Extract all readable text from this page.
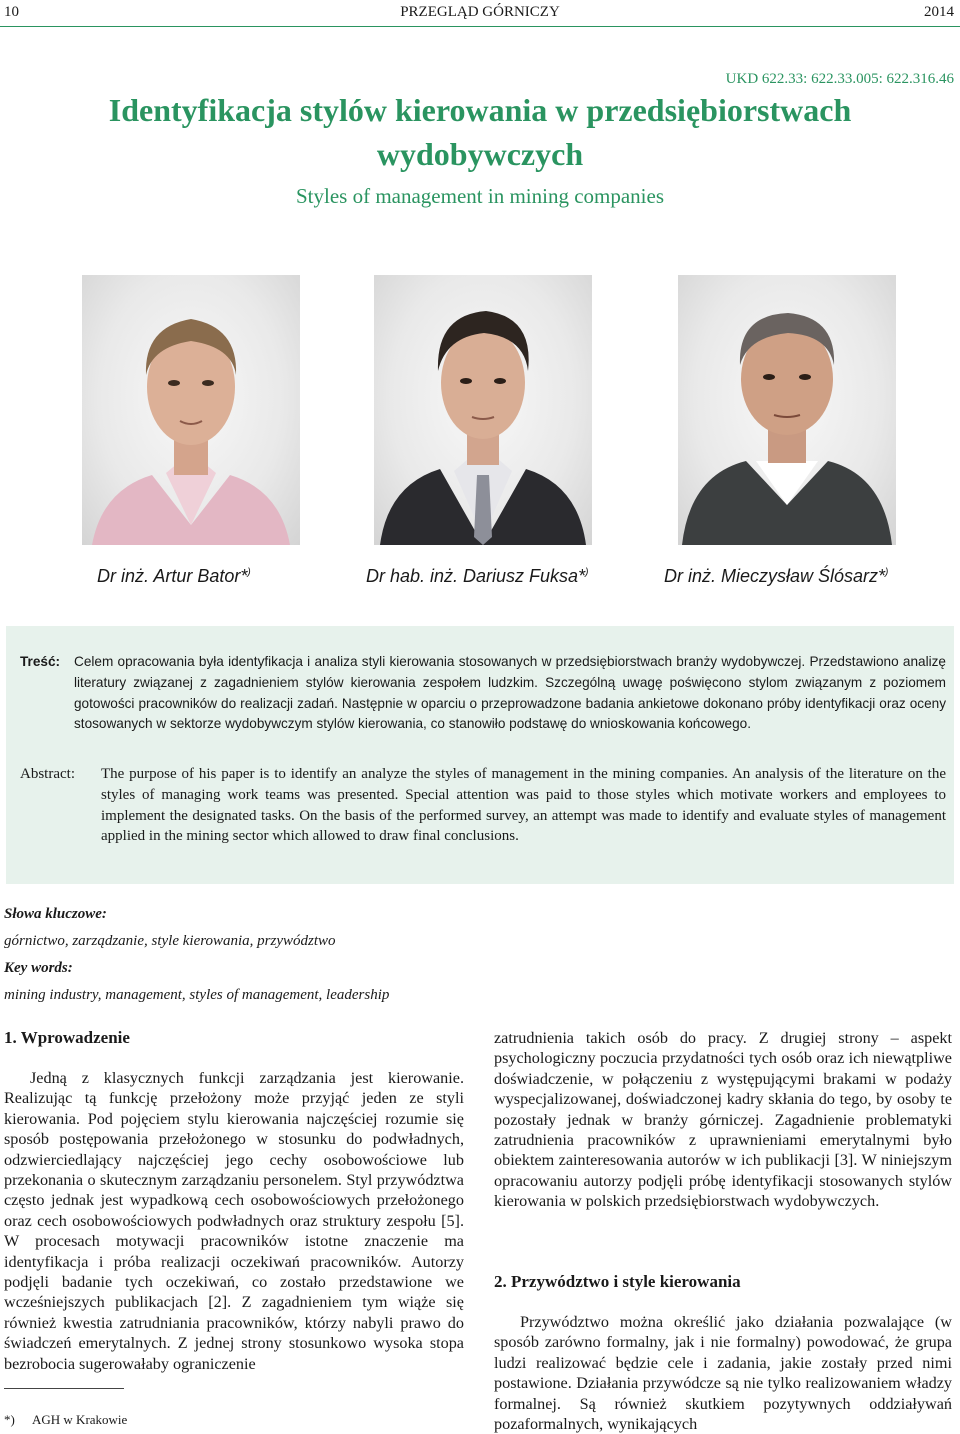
10	PRZEGLĄD GÓRNICZY	2014
UKD 622.33: 622.33.005: 622.316.46
Identyfikacja stylów kierowania w przedsiębiorstwach wydobywczych
Styles of management in mining companies
Dr inż. Artur Bator*)	Dr hab. inż. Dariusz Fuksa*)	Dr inż. Mieczysław Ślósarz*)
Treść: Celem opracowania była identyfikacja i analiza styli kierowania stosowanych w przedsiębiorstwach branży wydobywczej. Przedstawiono analizę literatury związanej z zagadnieniem stylów kierowania zespołem ludzkim. Szczególną uwagę poświęcono stylom związanym z poziomem gotowości pracowników do realizacji zadań. Następnie w oparciu o przeprowadzone badania ankietowe dokonano próby identyfikacji oraz oceny stosowanych w sektorze wydobywczym stylów kierowania, co stanowiło podstawę do wnioskowania końcowego.
Abstract: The purpose of his paper is to identify an analyze the styles of management in the mining companies. An analysis of the literature on the styles of managing work teams was presented. Special attention was paid to those styles which motivate workers and employees to implement the designated tasks. On the basis of the performed survey, an attempt was made to identify and evaluate styles of management applied in the mining sector which allowed to draw final conclusions.
Słowa kluczowe:
górnictwo, zarządzanie, style kierowania, przywództwo
Key words:
mining industry, management, styles of management, leadership
1. Wprowadzenie

Jedną z klasycznych funkcji zarządzania jest kierowanie. Realizując tą funkcję przełożony może przyjąć jeden ze styli kierowania. Pod pojęciem stylu kierowania najczęściej rozumie się sposób postępowania przełożonego w stosunku do podwładnych, odzwierciedlający najczęściej jego cechy osobowościowe lub przekonania o skutecznym zarządzaniu personelem. Styl przywództwa często jednak jest wypadkową cech osobowościowych przełożonego oraz cech osobowościowych podwładnych oraz struktury zespołu [5]. W procesach motywacji pracowników istotne znaczenie ma identyfikacja i próba realizacji oczekiwań pracowników. Autorzy podjęli badanie tych oczekiwań, co zostało przedstawione we wcześniejszych publikacjach [2]. Z zagadnieniem tym wiąże się również kwestia zatrudniania pracowników, którzy nabyli prawo do świadczeń emerytalnych. Z jednej strony stosunkowo wysoka stopa bezrobocia sugerowałaby ograniczenie

zatrudnienia takich osób do pracy. Z drugiej strony – aspekt psychologiczny poczucia przydatności tych osób oraz ich niewątpliwe doświadczenie, w połączeniu z występującymi brakami w podaży wyspecjalizowanej, doświadczonej kadry skłania do tego, by osoby te pozostały jednak w branży górniczej. Zagadnienie problematyki zatrudnienia pracowników z uprawnieniami emerytalnymi było obiektem zainteresowania autorów w ich publikacji [3]. W niniejszym opracowaniu autorzy podjęli próbę identyfikacji stosowanych stylów kierowania w polskich przedsiębiorstwach wydobywczych.

2. Przywództwo i style kierowania

Przywództwo można określić jako działania pozwalające (w sposób zarówno formalny, jak i nie formalny) powodować, że grupa ludzi realizować będzie cele i zadania, jakie zostały przed nimi postawione. Działania przywódcze są nie tylko realizowaniem władzy formalnej. Są również skutkiem pozytywnych oddziaływań pozaformalnych, wynikających

*) AGH w Krakowie
